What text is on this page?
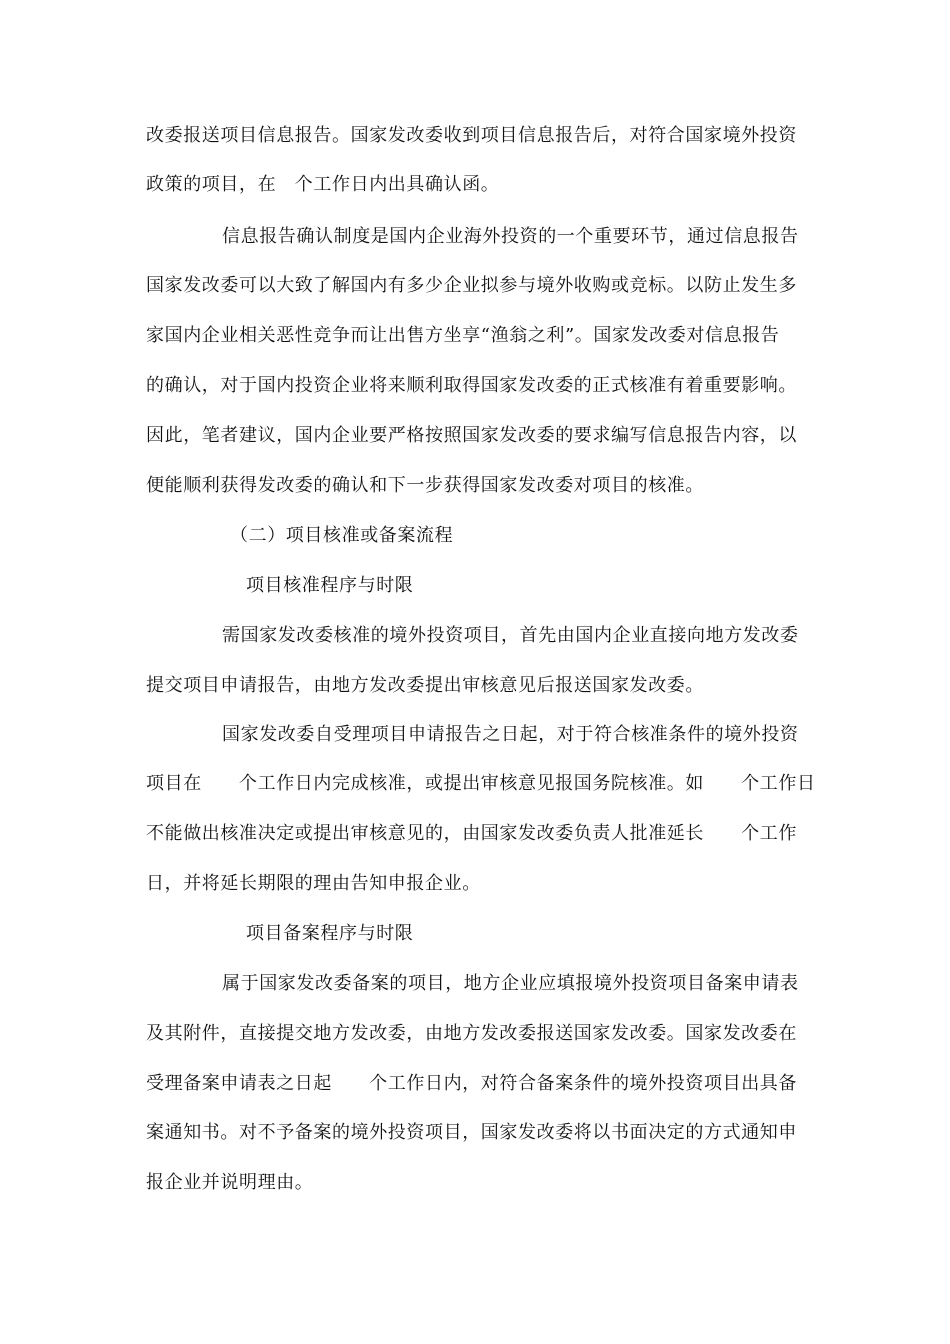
改委报送项目信息报告。国家发改委收到项目信息报告后，对符合国家境外投资
政策的项目，在　个工作日内出具确认函。
信息报告确认制度是国内企业海外投资的一个重要环节，通过信息报告
国家发改委可以大致了解国内有多少企业拟参与境外收购或竞标。以防止发生多
家国内企业相关恶性竞争而让出售方坐享“渔翁之利”。国家发改委对信息报告
的确认，对于国内投资企业将来顺利取得国家发改委的正式核准有着重要影响。
因此，笔者建议，国内企业要严格按照国家发改委的要求编写信息报告内容，以
便能顺利获得发改委的确认和下一步获得国家发改委对项目的核准。
（二）项目核准或备案流程
项目核准程序与时限
需国家发改委核准的境外投资项目，首先由国内企业直接向地方发改委
提交项目申请报告，由地方发改委提出审核意见后报送国家发改委。
国家发改委自受理项目申请报告之日起，对于符合核准条件的境外投资
项目在　　个工作日内完成核准，或提出审核意见报国务院核准。如　　个工作日
不能做出核准决定或提出审核意见的，由国家发改委负责人批准延长　　个工作
日，并将延长期限的理由告知申报企业。
项目备案程序与时限
属于国家发改委备案的项目，地方企业应填报境外投资项目备案申请表
及其附件，直接提交地方发改委，由地方发改委报送国家发改委。国家发改委在
受理备案申请表之日起　　个工作日内，对符合备案条件的境外投资项目出具备
案通知书。对不予备案的境外投资项目，国家发改委将以书面决定的方式通知申
报企业并说明理由。
